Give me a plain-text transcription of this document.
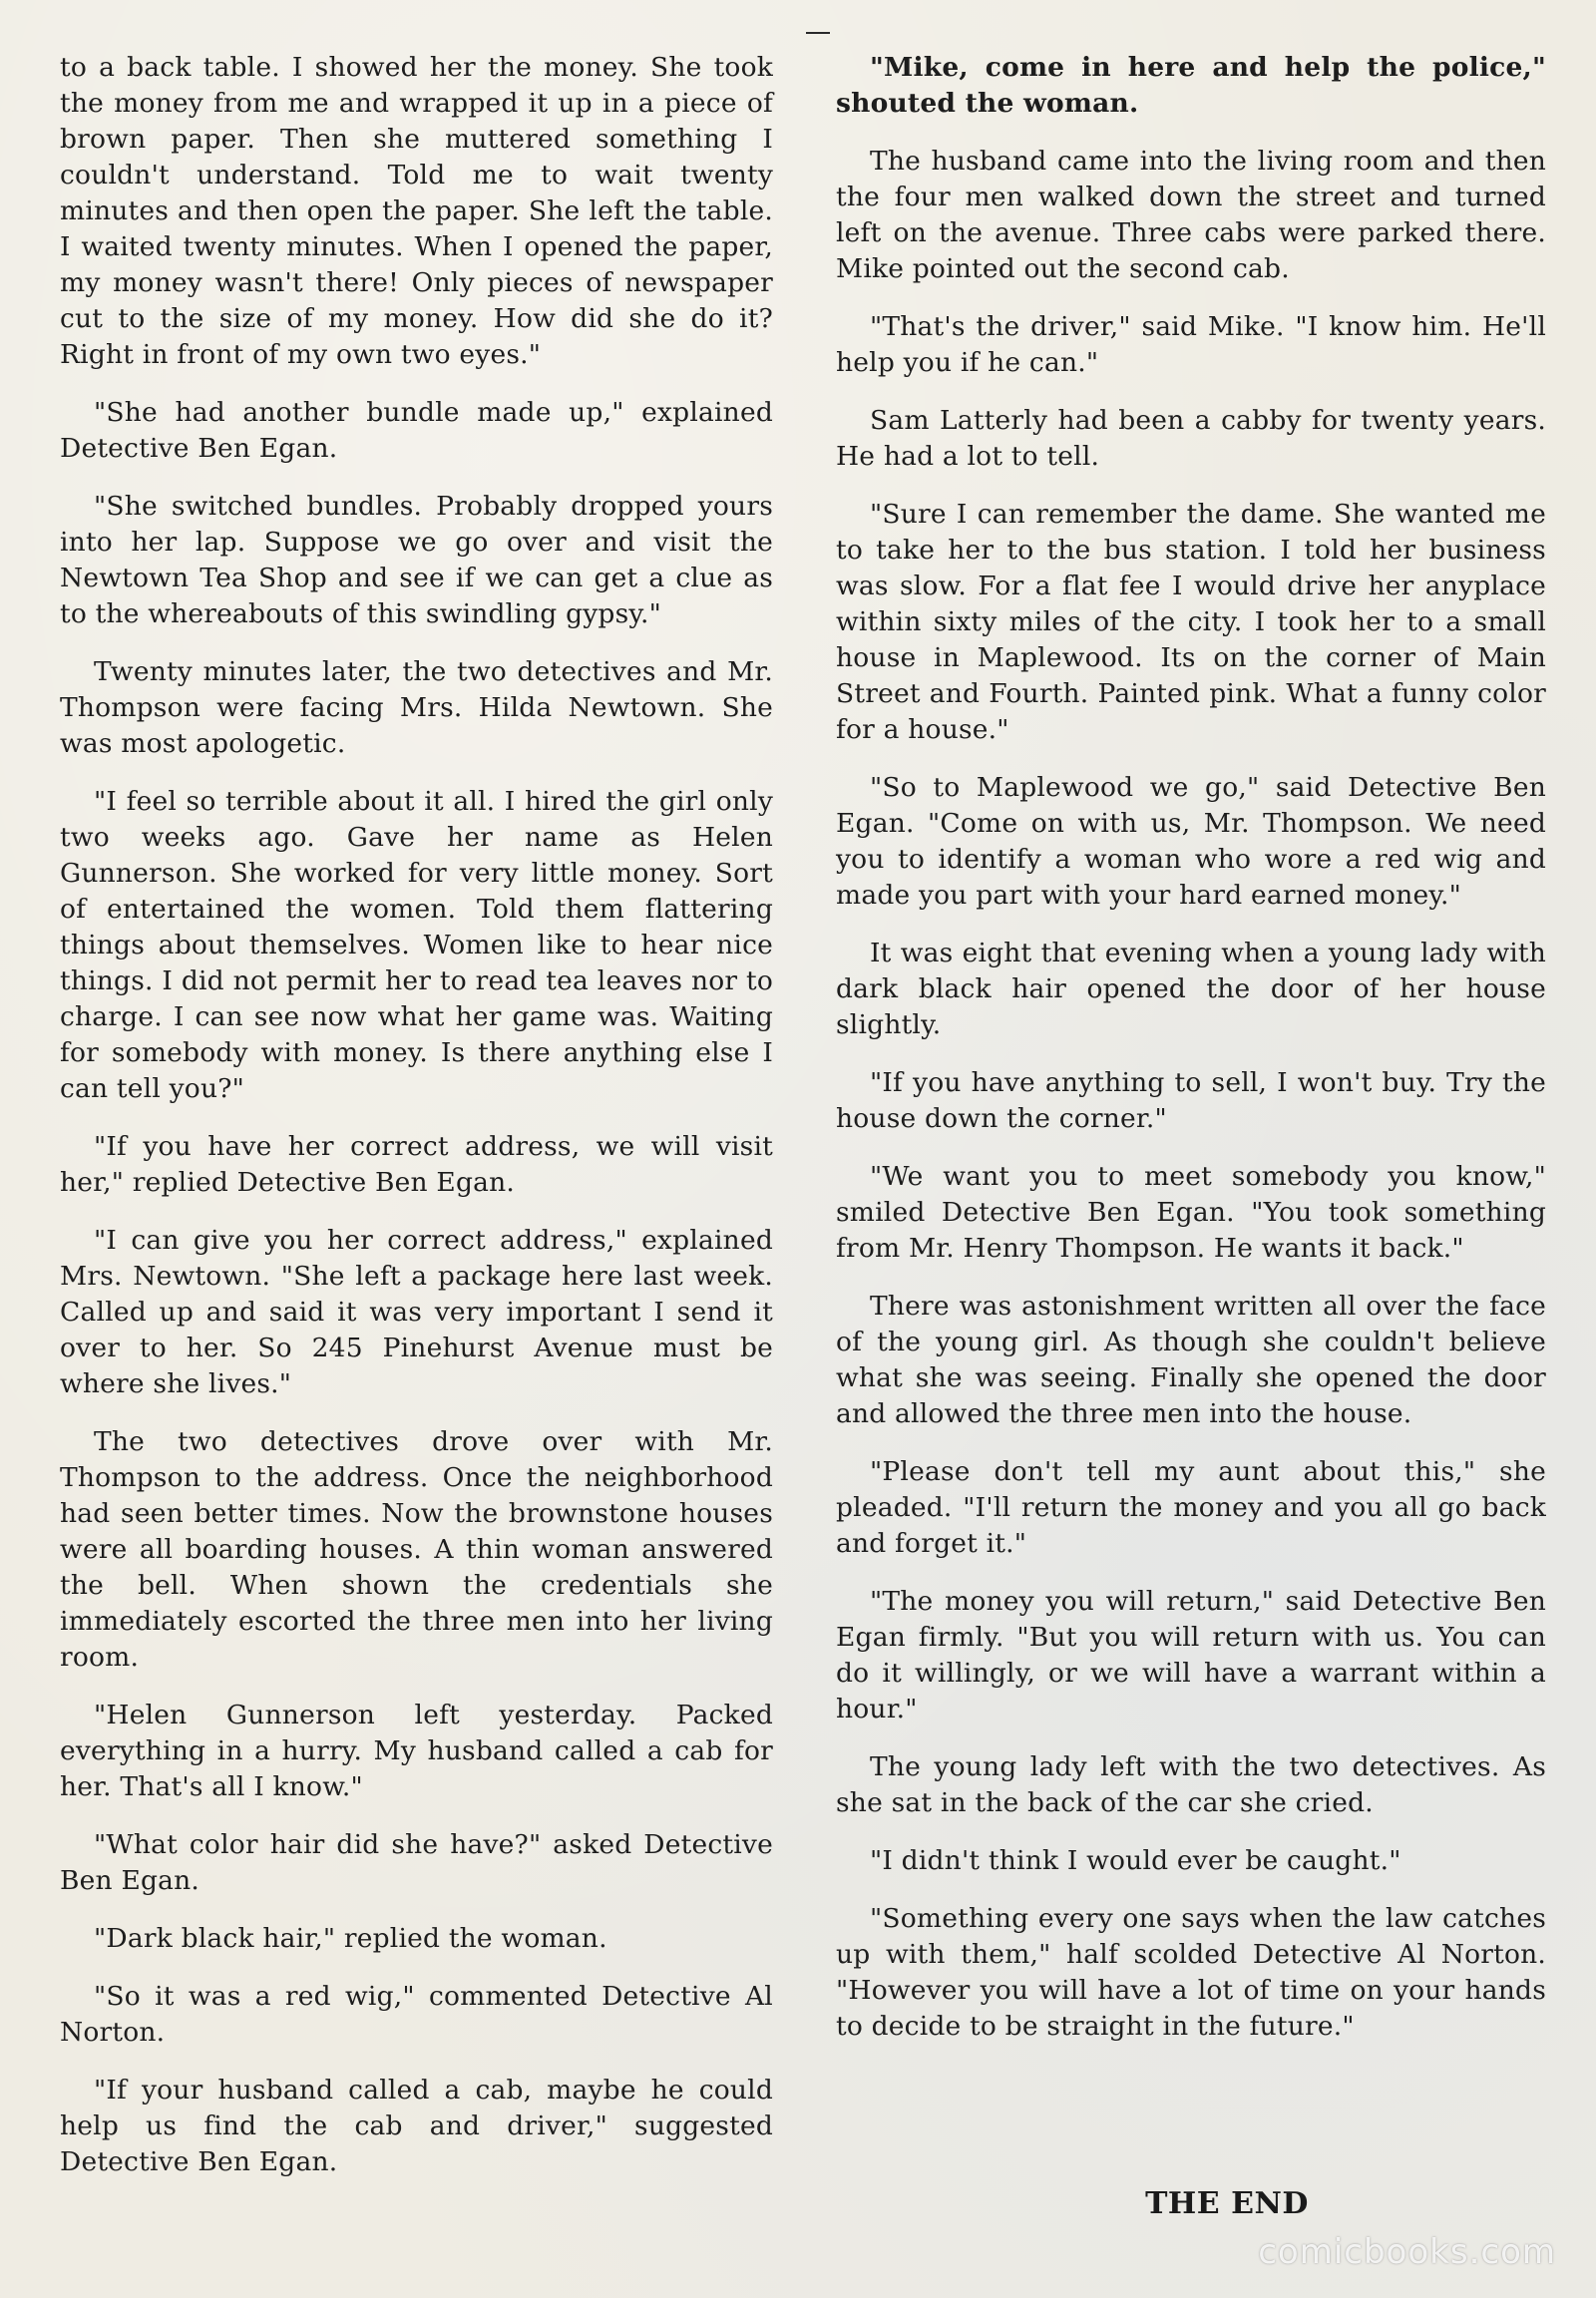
to a back table. I showed her the money. She took the money from me and wrapped it up in a piece of brown paper. Then she muttered something I couldn't understand. Told me to wait twenty minutes and then open the paper. She left the table. I waited twenty minutes. When I opened the paper, my money wasn't there! Only pieces of newspaper cut to the size of my money. How did she do it? Right in front of my own two eyes."

"She had another bundle made up," explained Detective Ben Egan.

"She switched bundles. Probably dropped yours into her lap. Suppose we go over and visit the Newtown Tea Shop and see if we can get a clue as to the whereabouts of this swindling gypsy."

Twenty minutes later, the two detectives and Mr. Thompson were facing Mrs. Hilda Newtown. She was most apologetic.

"I feel so terrible about it all. I hired the girl only two weeks ago. Gave her name as Helen Gunnerson. She worked for very little money. Sort of entertained the women. Told them flattering things about themselves. Women like to hear nice things. I did not permit her to read tea leaves nor to charge. I can see now what her game was. Waiting for somebody with money. Is there anything else I can tell you?"

"If you have her correct address, we will visit her," replied Detective Ben Egan.

"I can give you her correct address," explained Mrs. Newtown. "She left a package here last week. Called up and said it was very important I send it over to her. So 245 Pinehurst Avenue must be where she lives."

The two detectives drove over with Mr. Thompson to the address. Once the neighborhood had seen better times. Now the brownstone houses were all boarding houses. A thin woman answered the bell. When shown the credentials she immediately escorted the three men into her living room.

"Helen Gunnerson left yesterday. Packed everything in a hurry. My husband called a cab for her. That's all I know."

"What color hair did she have?" asked Detective Ben Egan.

"Dark black hair," replied the woman.

"So it was a red wig," commented Detective Al Norton.

"If your husband called a cab, maybe he could help us find the cab and driver," suggested Detective Ben Egan.

"Mike, come in here and help the police," shouted the woman.

The husband came into the living room and then the four men walked down the street and turned left on the avenue. Three cabs were parked there. Mike pointed out the second cab.

"That's the driver," said Mike. "I know him. He'll help you if he can."

Sam Latterly had been a cabby for twenty years. He had a lot to tell.

"Sure I can remember the dame. She wanted me to take her to the bus station. I told her business was slow. For a flat fee I would drive her anyplace within sixty miles of the city. I took her to a small house in Maplewood. Its on the corner of Main Street and Fourth. Painted pink. What a funny color for a house."

"So to Maplewood we go," said Detective Ben Egan. "Come on with us, Mr. Thompson. We need you to identify a woman who wore a red wig and made you part with your hard earned money."

It was eight that evening when a young lady with dark black hair opened the door of her house slightly.

"If you have anything to sell, I won't buy. Try the house down the corner."

"We want you to meet somebody you know," smiled Detective Ben Egan. "You took something from Mr. Henry Thompson. He wants it back."

There was astonishment written all over the face of the young girl. As though she couldn't believe what she was seeing. Finally she opened the door and allowed the three men into the house.

"Please don't tell my aunt about this," she pleaded. "I'll return the money and you all go back and forget it."

"The money you will return," said Detective Ben Egan firmly. "But you will return with us. You can do it willingly, or we will have a warrant within a hour."

The young lady left with the two detectives. As she sat in the back of the car she cried.

"I didn't think I would ever be caught."

"Something every one says when the law catches up with them," half scolded Detective Al Norton. "However you will have a lot of time on your hands to decide to be straight in the future."

THE END
comicbooks.com
